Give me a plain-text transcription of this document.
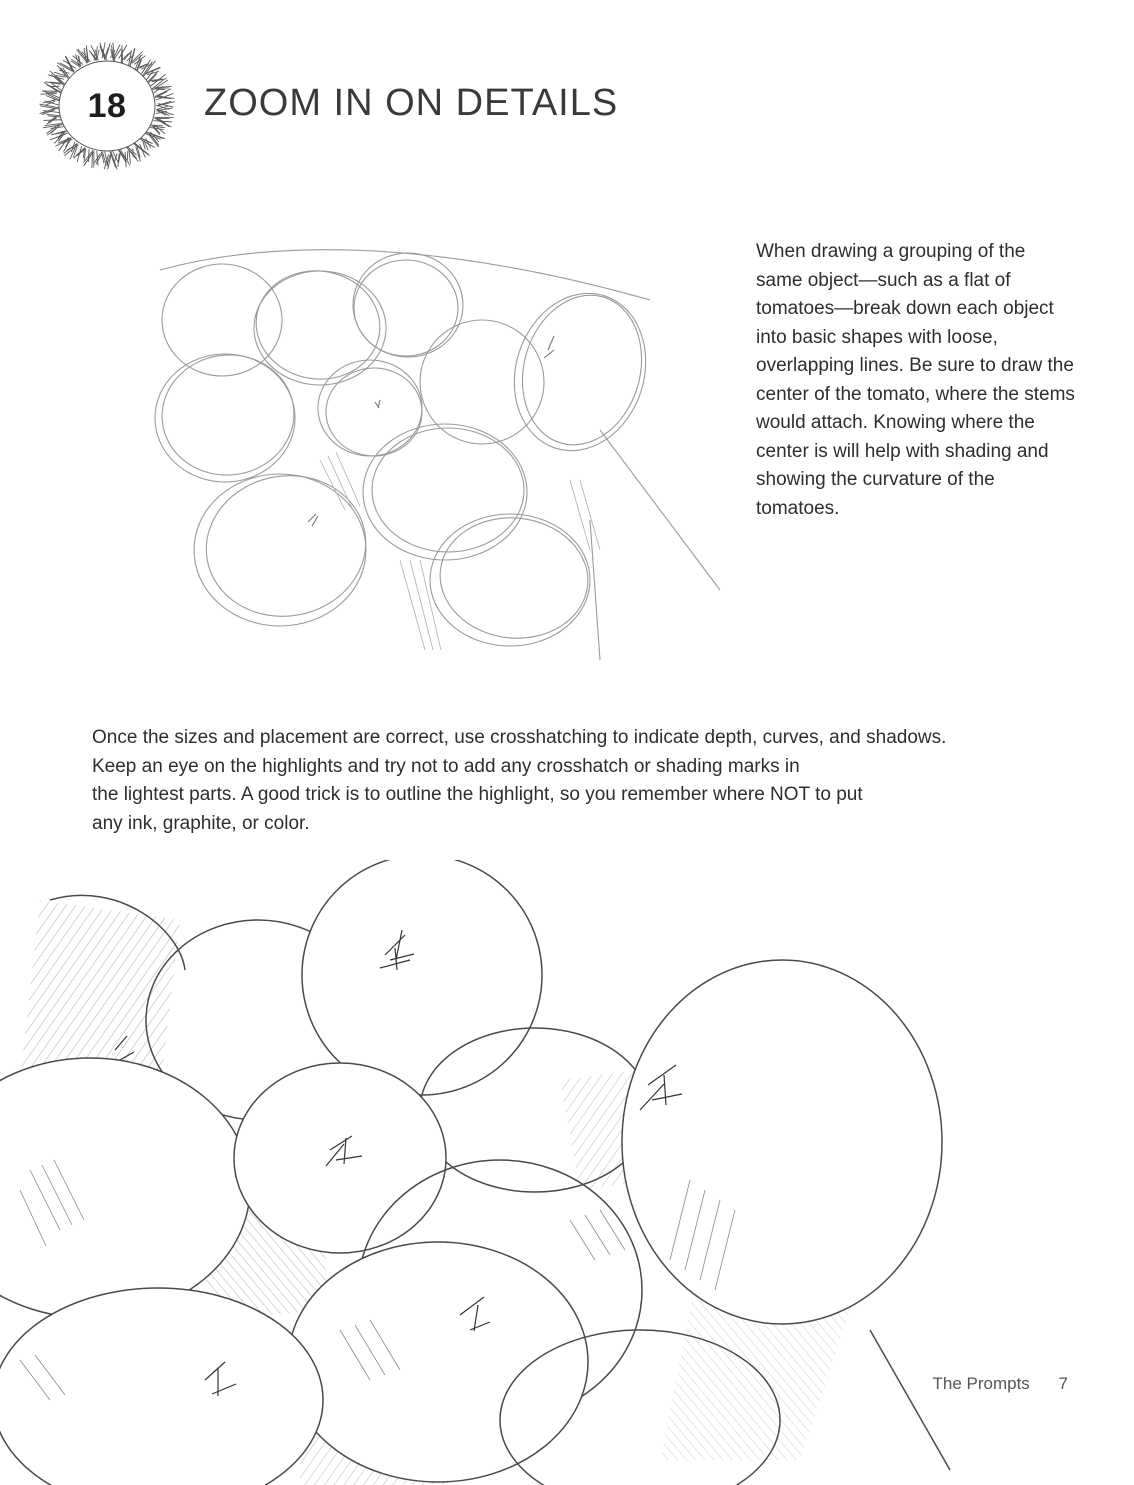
18	ZOOM IN ON DETAILS

When drawing a grouping of the same object—such as a flat of tomatoes—break down each object into basic shapes with loose, overlapping lines. Be sure to draw the center of the tomato, where the stems would attach. Knowing where the center is will help with shading and showing the curvature of the tomatoes.

Once the sizes and placement are correct, use crosshatching to indicate depth, curves, and shadows.
Keep an eye on the highlights and try not to add any crosshatch or shading marks in
the lightest parts. A good trick is to outline the highlight, so you remember where NOT to put
any ink, graphite, or color.

The Prompts 7
